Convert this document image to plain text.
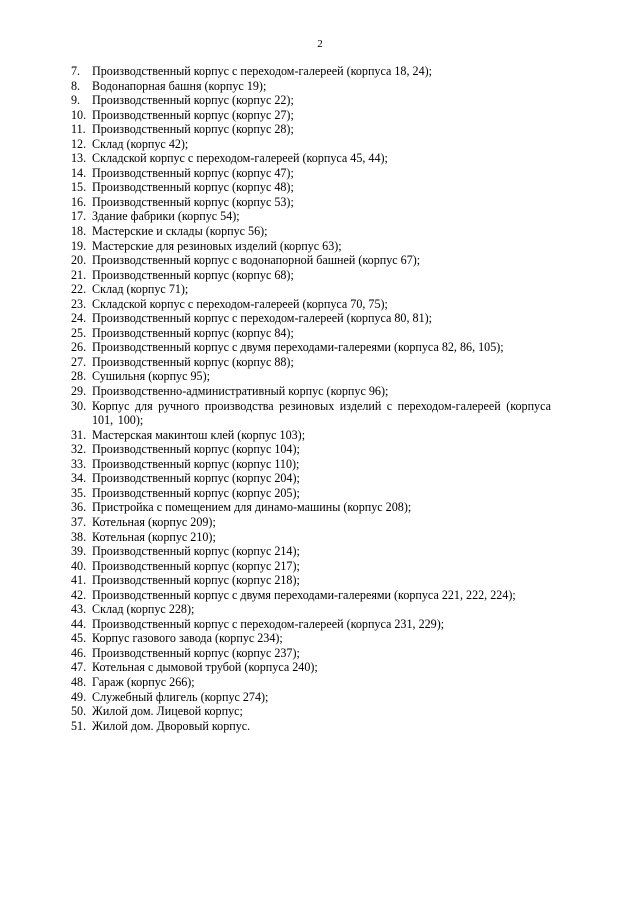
2
7. Производственный корпус с переходом-галереей (корпуса 18, 24);
8. Водонапорная башня (корпус 19);
9. Производственный корпус (корпус 22);
10. Производственный корпус (корпус 27);
11. Производственный корпус (корпус 28);
12. Склад (корпус 42);
13. Складской корпус с переходом-галереей (корпуса 45, 44);
14. Производственный корпус (корпус 47);
15. Производственный корпус (корпус 48);
16. Производственный корпус (корпус 53);
17. Здание фабрики (корпус 54);
18. Мастерские и склады (корпус 56);
19. Мастерские для резиновых изделий (корпус 63);
20. Производственный корпус с водонапорной башней (корпус 67);
21. Производственный корпус (корпус 68);
22. Склад (корпус 71);
23. Складской корпус с переходом-галереей (корпуса 70, 75);
24. Производственный корпус с переходом-галереей (корпуса 80, 81);
25. Производственный корпус (корпус 84);
26. Производственный корпус с двумя переходами-галереями (корпуса 82, 86, 105);
27. Производственный корпус (корпус 88);
28. Сушильня (корпус 95);
29. Производственно-административный корпус (корпус 96);
30. Корпус для ручного производства резиновых изделий с переходом-галереей (корпуса 101, 100);
31. Мастерская макинтош клей (корпус 103);
32. Производственный корпус (корпус 104);
33. Производственный корпус (корпус 110);
34. Производственный корпус (корпус 204);
35. Производственный корпус (корпус 205);
36. Пристройка с помещением для динамо-машины (корпус 208);
37. Котельная (корпус 209);
38. Котельная (корпус 210);
39. Производственный корпус (корпус 214);
40. Производственный корпус (корпус 217);
41. Производственный корпус (корпус 218);
42. Производственный корпус с двумя переходами-галереями (корпуса 221, 222, 224);
43. Склад (корпус 228);
44. Производственный корпус с переходом-галереей (корпуса 231, 229);
45. Корпус газового завода (корпус 234);
46. Производственный корпус (корпус 237);
47. Котельная с дымовой трубой (корпуса 240);
48. Гараж (корпус 266);
49. Служебный флигель (корпус 274);
50. Жилой дом. Лицевой корпус;
51. Жилой дом. Дворовый корпус.
